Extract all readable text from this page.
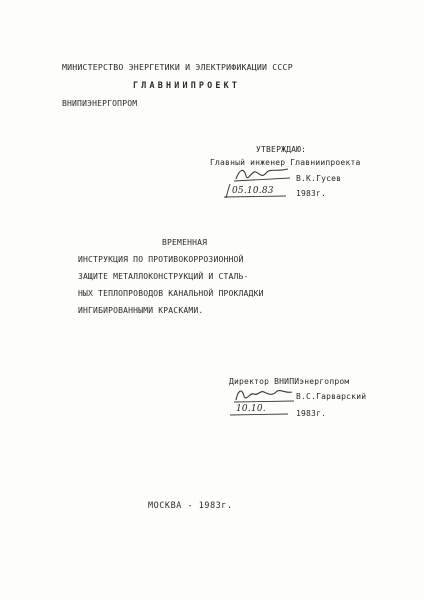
МИНИСТЕРСТВО ЭНЕРГЕТИКИ И ЭЛЕКТРИФИКАЦИИ СССР
ГЛАВНИИПРОЕКТ
ВНИПИЭНЕРГОПРОМ
УТВЕРЖДАЮ:
Главный инженер Главниипроекта
В.К.Гусев
05.10.83	1983г.
ВРЕМЕННАЯ
ИНСТРУКЦИЯ ПО ПРОТИВОКОРРОЗИОННОЙ
ЗАЩИТЕ МЕТАЛЛОКОНСТРУКЦИЙ И СТАЛЬ-
НЫХ ТЕПЛОПРОВОДОВ КАНАЛЬНОЙ ПРОКЛАДКИ
ИНГИБИРОВАННЫМИ КРАСКАМИ.
Директор ВНИПИэнергопром
В.С.Гарварский
10.10.	1983г.
МОСКВА - 1983г.
